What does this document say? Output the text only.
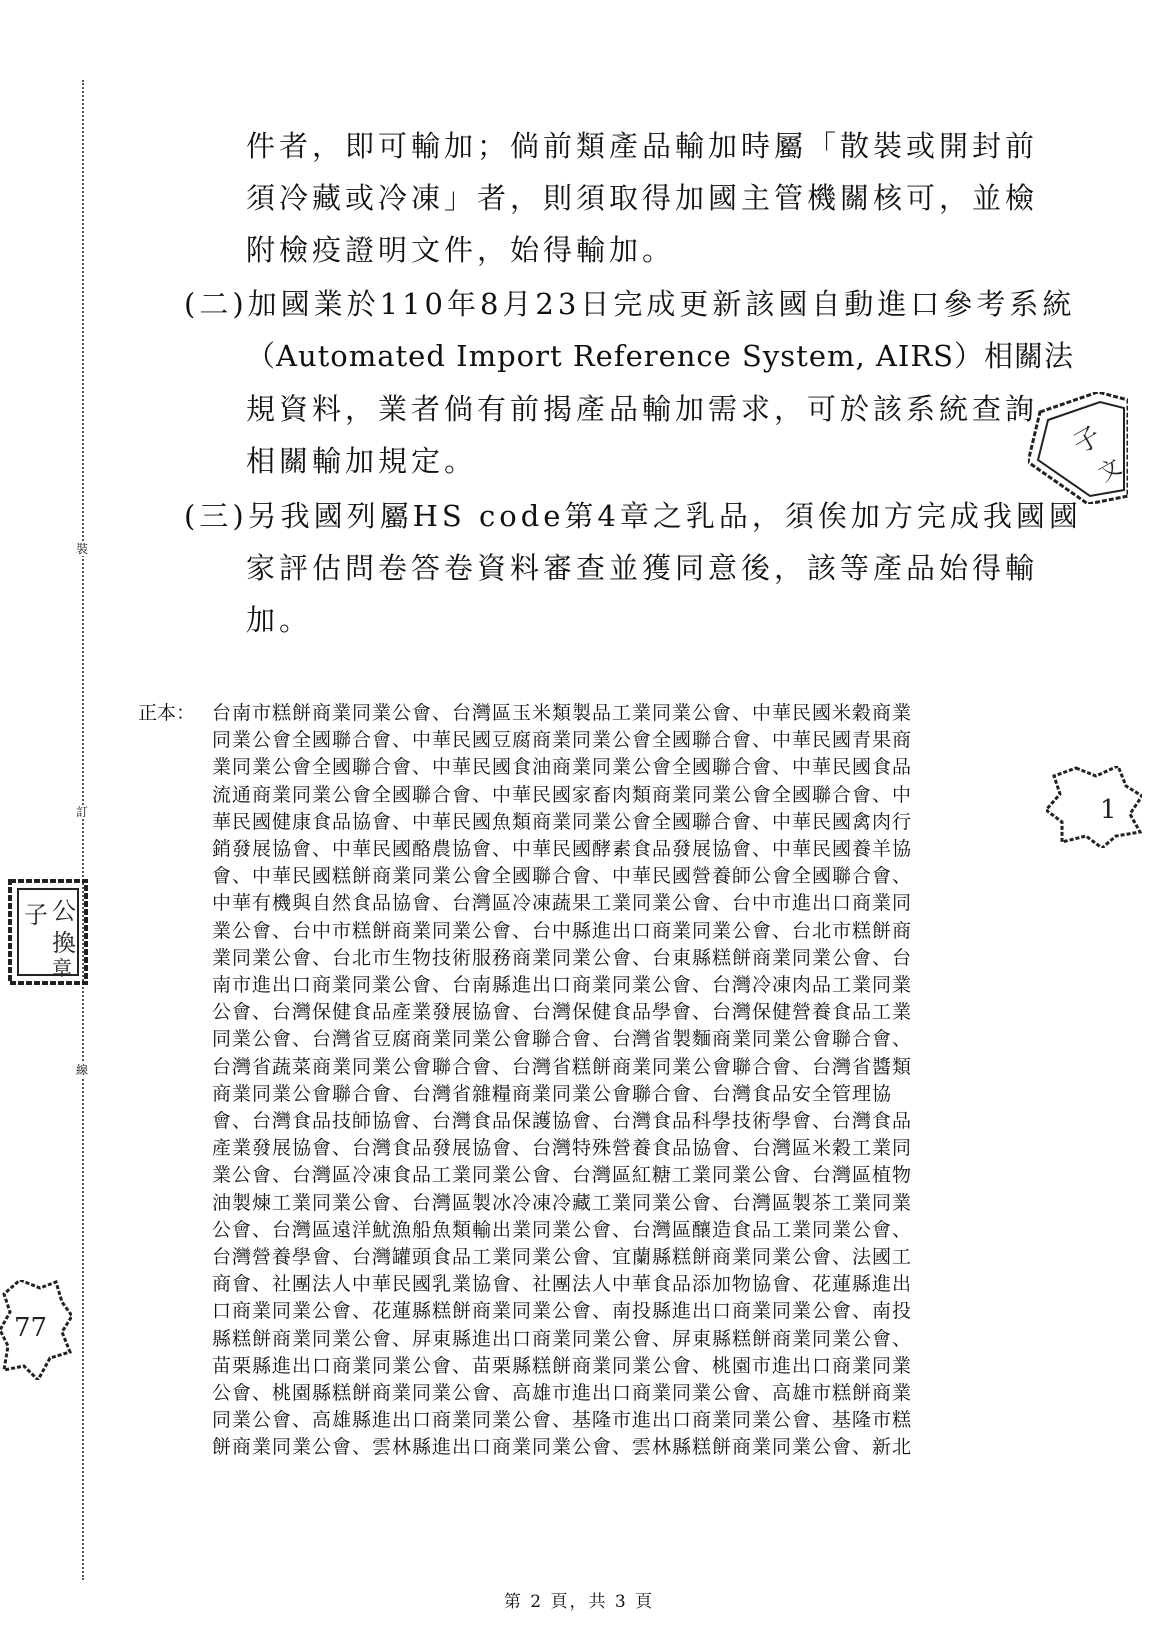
裝
訂
線
件者，即可輸加；倘前類產品輸加時屬「散裝或開封前
須冷藏或冷凍」者，則須取得加國主管機關核可，並檢
附檢疫證明文件，始得輸加。
(二)加國業於110年8月23日完成更新該國自動進口參考系統
（Automated Import Reference System, AIRS）相關法
規資料，業者倘有前揭產品輸加需求，可於該系統查詢
相關輸加規定。
(三)另我國列屬HS code第4章之乳品，須俟加方完成我國國
家評估問卷答卷資料審查並獲同意後，該等產品始得輸
加。
正本： 台南市糕餅商業同業公會、台灣區玉米類製品工業同業公會、中華民國米穀商業
同業公會全國聯合會、中華民國豆腐商業同業公會全國聯合會、中華民國青果商
業同業公會全國聯合會、中華民國食油商業同業公會全國聯合會、中華民國食品
流通商業同業公會全國聯合會、中華民國家畜肉類商業同業公會全國聯合會、中
華民國健康食品協會、中華民國魚類商業同業公會全國聯合會、中華民國禽肉行
銷發展協會、中華民國酪農協會、中華民國酵素食品發展協會、中華民國養羊協
會、中華民國糕餅商業同業公會全國聯合會、中華民國營養師公會全國聯合會、
中華有機與自然食品協會、台灣區冷凍蔬果工業同業公會、台中市進出口商業同
業公會、台中市糕餅商業同業公會、台中縣進出口商業同業公會、台北市糕餅商
業同業公會、台北市生物技術服務商業同業公會、台東縣糕餅商業同業公會、台
南市進出口商業同業公會、台南縣進出口商業同業公會、台灣冷凍肉品工業同業
公會、台灣保健食品產業發展協會、台灣保健食品學會、台灣保健營養食品工業
同業公會、台灣省豆腐商業同業公會聯合會、台灣省製麵商業同業公會聯合會、
台灣省蔬菜商業同業公會聯合會、台灣省糕餅商業同業公會聯合會、台灣省醬類
商業同業公會聯合會、台灣省雜糧商業同業公會聯合會、台灣食品安全管理協
會、台灣食品技師協會、台灣食品保護協會、台灣食品科學技術學會、台灣食品
產業發展協會、台灣食品發展協會、台灣特殊營養食品協會、台灣區米穀工業同
業公會、台灣區冷凍食品工業同業公會、台灣區紅糖工業同業公會、台灣區植物
油製煉工業同業公會、台灣區製冰冷凍冷藏工業同業公會、台灣區製茶工業同業
公會、台灣區遠洋魷漁船魚類輸出業同業公會、台灣區釀造食品工業同業公會、
台灣營養學會、台灣罐頭食品工業同業公會、宜蘭縣糕餅商業同業公會、法國工
商會、社團法人中華民國乳業協會、社團法人中華食品添加物協會、花蓮縣進出
口商業同業公會、花蓮縣糕餅商業同業公會、南投縣進出口商業同業公會、南投
縣糕餅商業同業公會、屏東縣進出口商業同業公會、屏東縣糕餅商業同業公會、
苗栗縣進出口商業同業公會、苗栗縣糕餅商業同業公會、桃園市進出口商業同業
公會、桃園縣糕餅商業同業公會、高雄市進出口商業同業公會、高雄市糕餅商業
同業公會、高雄縣進出口商業同業公會、基隆市進出口商業同業公會、基隆市糕
餅商業同業公會、雲林縣進出口商業同業公會、雲林縣糕餅商業同業公會、新北
第 2 頁，共 3 頁
子
文
1
子 公
換
章
77
